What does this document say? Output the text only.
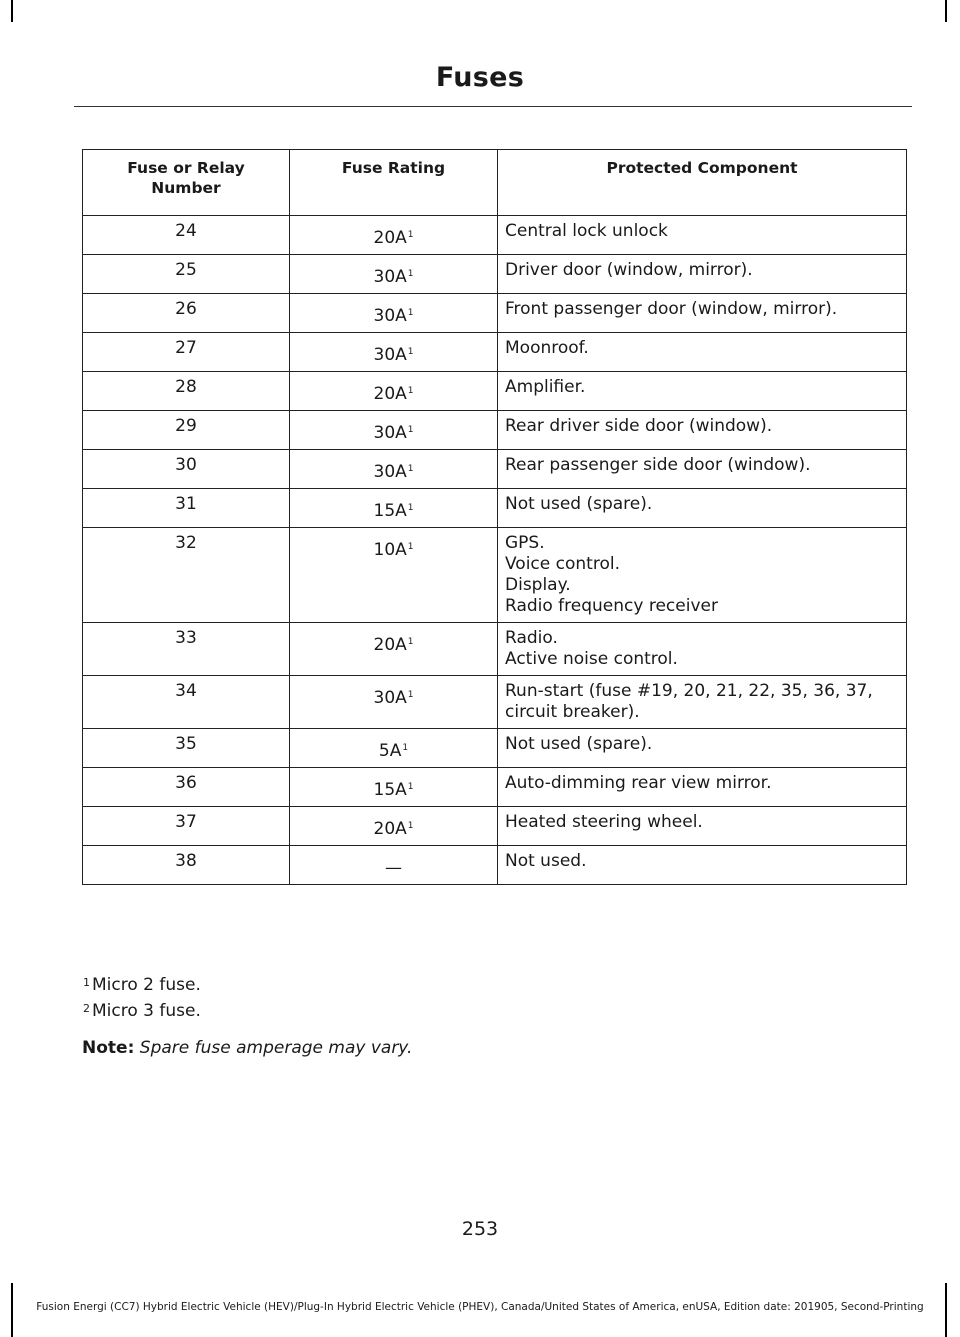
Fuses
Fuse or Relay Number	Fuse Rating	Protected Component
24	$20A^1$	Central lock unlock

25	$30A^1$	Driver door (window, mirror).

26	$30A^1$	Front passenger door (window, mirror).

27	$30A^1$	Moonroof.

28	$20A^1$	Amplifier.

29	$30A^1$	Rear driver side door (window).

30	$30A^1$	Rear passenger side door (window).

31	$15A^1$	Not used (spare).

32	$10A^1$	GPS.
Voice control.
Display.
Radio frequency receiver

33	$20A^1$	Radio.
Active noise control.

34	$30A^1$	Run-start (fuse #19, 20, 21, 22, 35, 36, 37,
circuit breaker).

35	$5A^1$	Not used (spare).

36	$15A^1$	Auto-dimming rear view mirror.

37	$20A^1$	Heated steering wheel.

38	—	Not used.
$^1$ Micro 2 fuse.
$^2$ Micro 3 fuse.
Note: Spare fuse amperage may vary.
253
Fusion Energi (CC7) Hybrid Electric Vehicle (HEV)/Plug-In Hybrid Electric Vehicle (PHEV), Canada/United States of America, enUSA, Edition date: 201905, Second-Printing
